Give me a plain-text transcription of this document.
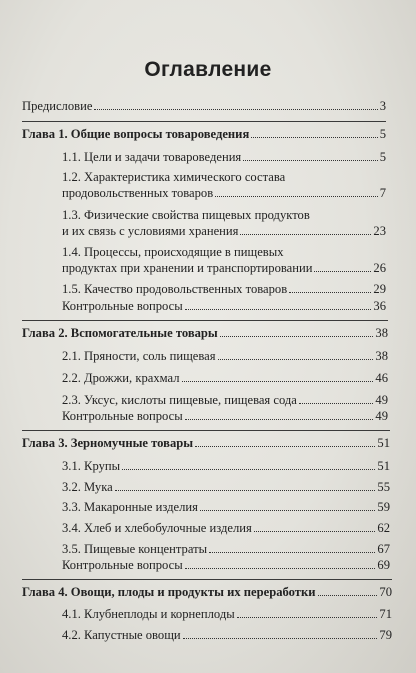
Оглавление
Предисловие	3
Глава 1. Общие вопросы товароведения	5
1.1. Цели и задачи товароведения	5
1.2. Характеристика химического состава
продовольственных товаров	7
1.3. Физические свойства пищевых продуктов
и их связь с условиями хранения	23
1.4. Процессы, происходящие в пищевых
продуктах при хранении и транспортировании	26
1.5. Качество продовольственных товаров	29
Контрольные вопросы	36
Глава 2. Вспомогательные товары	38
2.1. Пряности, соль пищевая	38
2.2. Дрожжи, крахмал	46
2.3. Уксус, кислоты пищевые, пищевая сода	49
Контрольные вопросы	49
Глава 3. Зерномучные товары	51
3.1. Крупы	51
3.2. Мука	55
3.3. Макаронные изделия	59
3.4. Хлеб и хлебобулочные изделия	62
3.5. Пищевые концентраты	67
Контрольные вопросы	69
Глава 4. Овощи, плоды и продукты их переработки	70
4.1. Клубнеплоды и корнеплоды	71
4.2. Капустные овощи	79
